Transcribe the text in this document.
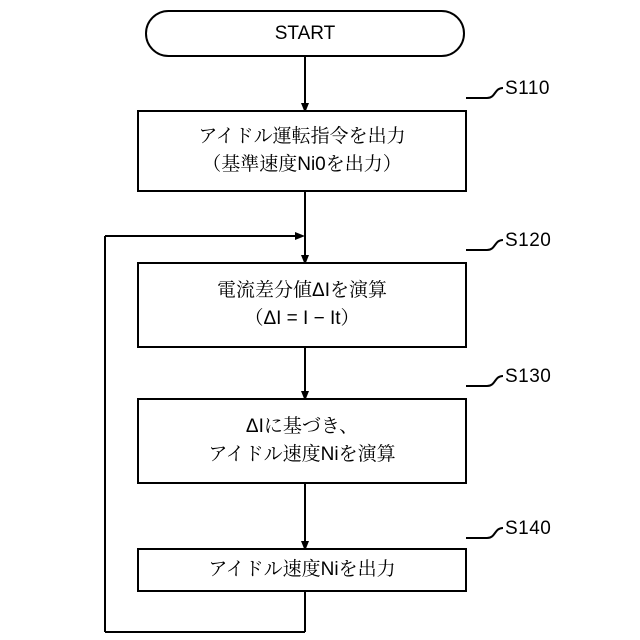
START
アイドル運転指令を出力
（基準速度Ni0を出力）
電流差分値ΔIを演算
（ΔI = I − It）
ΔIに基づき、
アイドル速度Niを演算
アイドル速度Niを出力
S110
S120
S130
S140
